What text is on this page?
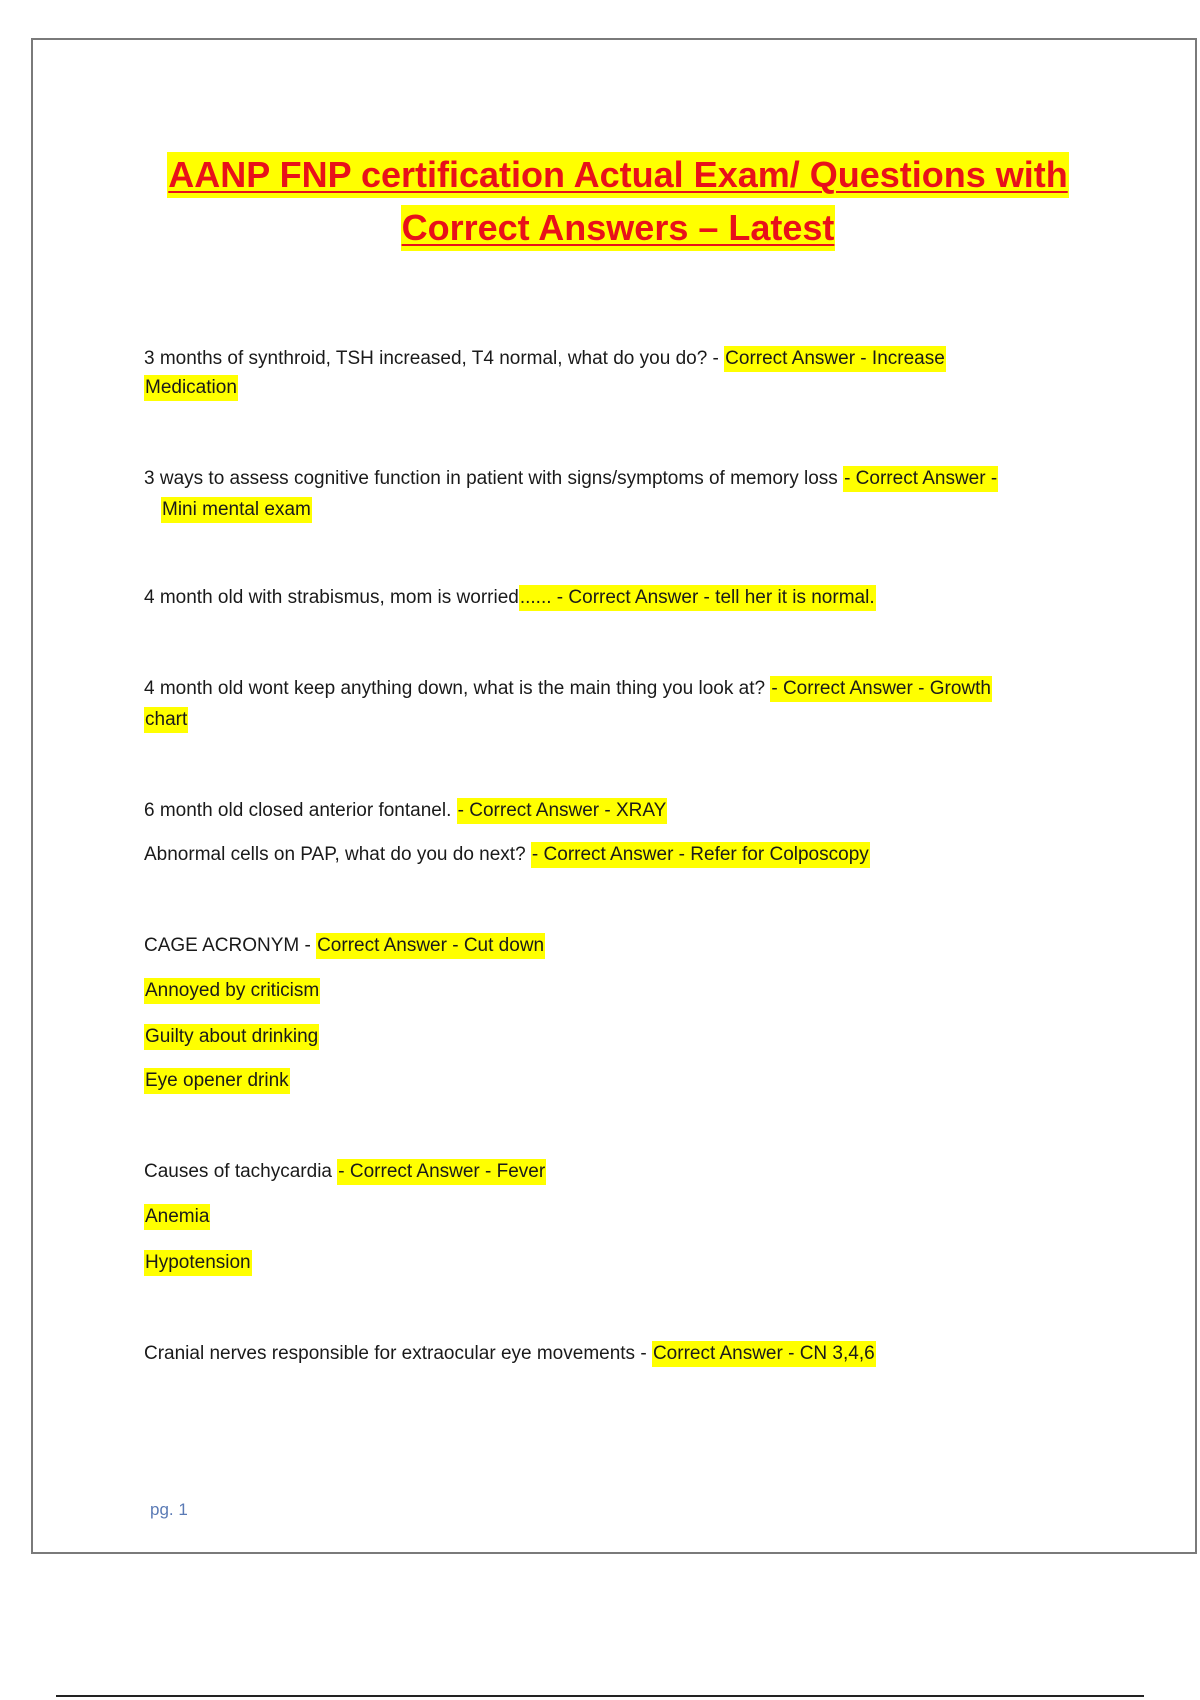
AANP FNP certification Actual Exam/ Questions with
Correct Answers – Latest
3 months of synthroid, TSH increased, T4 normal, what do you do? - Correct Answer - Increase
Medication
3 ways to assess cognitive function in patient with signs/symptoms of memory loss - Correct Answer -
Mini mental exam
4 month old with strabismus, mom is worried...... - Correct Answer - tell her it is normal.
4 month old wont keep anything down, what is the main thing you look at? - Correct Answer - Growth
chart
6 month old closed anterior fontanel. - Correct Answer - XRAY
Abnormal cells on PAP, what do you do next? - Correct Answer - Refer for Colposcopy
CAGE ACRONYM - Correct Answer - Cut down
Annoyed by criticism
Guilty about drinking
Eye opener drink
Causes of tachycardia - Correct Answer - Fever
Anemia
Hypotension
Cranial nerves responsible for extraocular eye movements - Correct Answer - CN 3,4,6
pg. 1
